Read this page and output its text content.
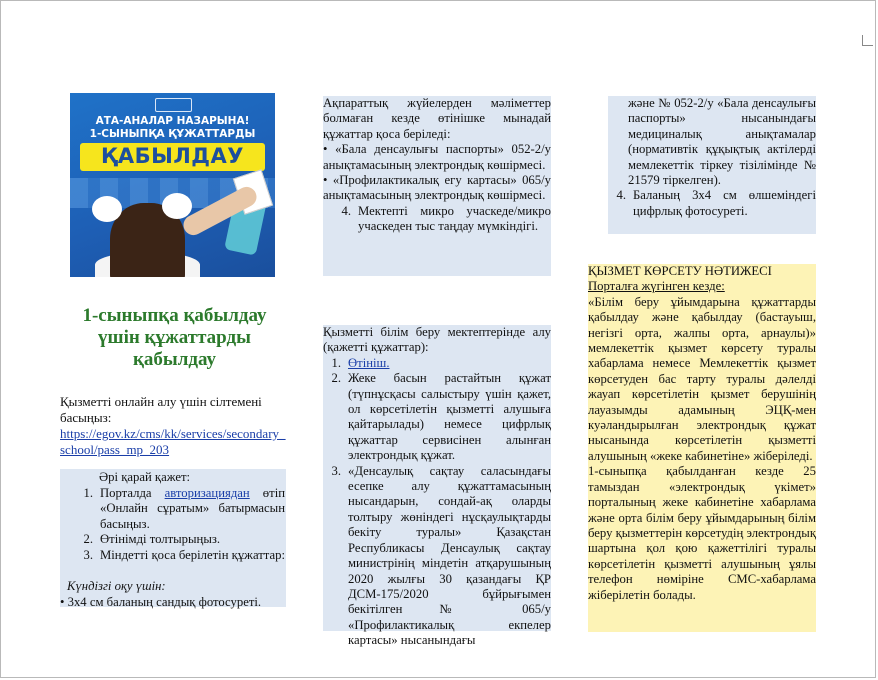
АТА-АНАЛАР НАЗАРЫНА!
1-СЫНЫПҚА ҚҰЖАТТАРДЫ
ҚАБЫЛДАУ
1-сыныпқа қабылдау үшін құжаттарды қабылдау
Қызметті онлайн алу үшін сілтемені басыңыз:
https://egov.kz/cms/kk/services/secondary_school/pass_mp_203
Әрі қарай қажет:
1. Порталда авторизациядан өтіп «Онлайн сұратым» батырмасын басыңыз.
2. Өтінімді толтырыңыз.
3. Міндетті қоса берілетін құжаттар:
Күндізгі оқу үшін:
• 3х4 см баланың сандық фотосуреті.

Ақпараттық жүйелерден мәліметтер болмаған кезде өтінішке мынадай құжаттар қоса беріледі:

• «Бала денсаулығы паспорты» 052-2/у анықтамасының электрондық көшірмесі.

• «Профилактикалық егу картасы» 065/у анықтамасының электрондық көшірмесі.

4. Мектепті микро учаскеде/микро учаскеден тыс таңдау мүмкіндігі.

Қызметті білім беру мектептерінде алу (қажетті құжаттар):

1. Өтініш.
2. Жеке басын растайтын құжат (түпнұсқасы салыстыру үшін қажет, ол көрсетілетін қызметті алушыға қайтарылады) немесе цифрлық құжаттар сервисінен алынған электрондық құжат.
3. «Денсаулық сақтау саласындағы есепке алу құжаттамасының нысандарын, сондай-ақ оларды толтыру жөніндегі нұсқаулықтарды бекіту туралы» Қазақстан Республикасы Денсаулық сақтау министрінің міндетін атқарушының 2020 жылғы 30 қазандағы ҚР ДСМ-175/2020 бұйрығымен бекітілген № 065/у «Профилактикалық екпелер картасы» нысанындағы

және № 052-2/у «Бала денсаулығы паспорты» нысанындағы медициналық анықтамалар (нормативтік құқықтық актілерді мемлекеттік тіркеу тізілімінде № 21579 тіркелген).

4. Баланың 3х4 см өлшеміндегі цифрлық фотосуреті.

ҚЫЗМЕТ КӨРСЕТУ НӘТИЖЕСІ

Порталға жүгінген кезде:

«Білім беру ұйымдарына құжаттарды қабылдау және қабылдау (бастауыш, негізгі орта, жалпы орта, арнаулы)» мемлекеттік қызмет көрсету туралы хабарлама немесе Мемлекеттік қызмет көрсетуден бас тарту туралы дәлелді жауап көрсетілетін қызмет берушінің лауазымды адамының ЭЦҚ-мен куәландырылған электрондық құжат нысанында көрсетілетін қызметті алушының «жеке кабинетіне» жіберіледі.

1-сыныпқа қабылданған кезде 25 тамыздан «электрондық үкімет» порталының жеке кабинетіне хабарлама және орта білім беру ұйымдарының білім беру қызметтерін көрсетудің электрондық шартына қол қою қажеттілігі туралы көрсетілетін қызметті алушының ұялы телефон нөміріне СМС-хабарлама жіберілетін болады.
